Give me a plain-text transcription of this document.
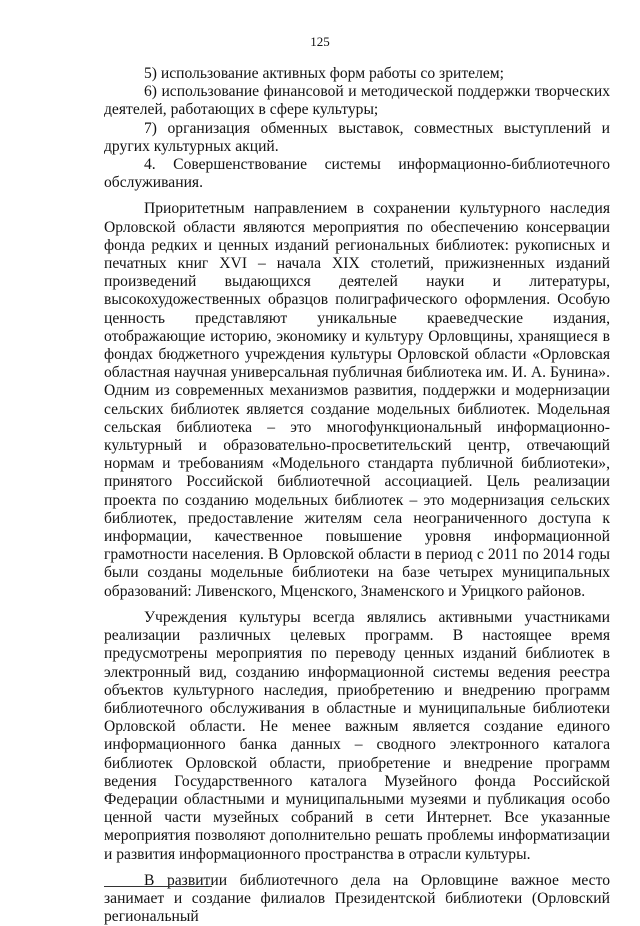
125

5) использование активных форм работы со зрителем;

6) использование финансовой и методической поддержки творческих деятелей, работающих в сфере культуры;

7) организация обменных выставок, совместных выступлений и других культурных акций.

4. Совершенствование системы информационно-библиотечного обслуживания.

Приоритетным направлением в сохранении культурного наследия Орловской области являются мероприятия по обеспечению консервации фонда редких и ценных изданий региональных библиотек: рукописных и печатных книг XVI – начала XIX столетий, прижизненных изданий произведений выдающихся деятелей науки и литературы, высокохудожественных образцов полиграфического оформления. Особую ценность представляют уникальные краеведческие издания, отображающие историю, экономику и культуру Орловщины, хранящиеся в фондах бюджетного учреждения культуры Орловской области «Орловская областная научная универсальная публичная библиотека им. И. А. Бунина». Одним из современных механизмов развития, поддержки и модернизации сельских библиотек является создание модельных библиотек. Модельная сельская библиотека – это многофункциональный информационно-культурный и образовательно-просветительский центр, отвечающий нормам и требованиям «Модельного стандарта публичной библиотеки», принятого Российской библиотечной ассоциацией. Цель реализации проекта по созданию модельных библиотек – это модернизация сельских библиотек, предоставление жителям села неограниченного доступа к информации, качественное повышение уровня информационной грамотности населения. В Орловской области в период с 2011 по 2014 годы были созданы модельные библиотеки на базе четырех муниципальных образований: Ливенского, Мценского, Знаменского и Урицкого районов.

Учреждения культуры всегда являлись активными участниками реализации различных целевых программ. В настоящее время предусмотрены мероприятия по переводу ценных изданий библиотек в электронный вид, созданию информационной системы ведения реестра объектов культурного наследия, приобретению и внедрению программ библиотечного обслуживания в областные и муниципальные библиотеки Орловской области. Не менее важным является создание единого информационного банка данных – сводного электронного каталога библиотек Орловской области, приобретение и внедрение программ ведения Государственного каталога Музейного фонда Российской Федерации областными и муниципальными музеями и публикация особо ценной части музейных собраний в сети Интернет. Все указанные мероприятия позволяют дополнительно решать проблемы информатизации и развития информационного пространства в отрасли культуры.

В развитии библиотечного дела на Орловщине важное место занимает и создание филиалов Президентской библиотеки (Орловский региональный
